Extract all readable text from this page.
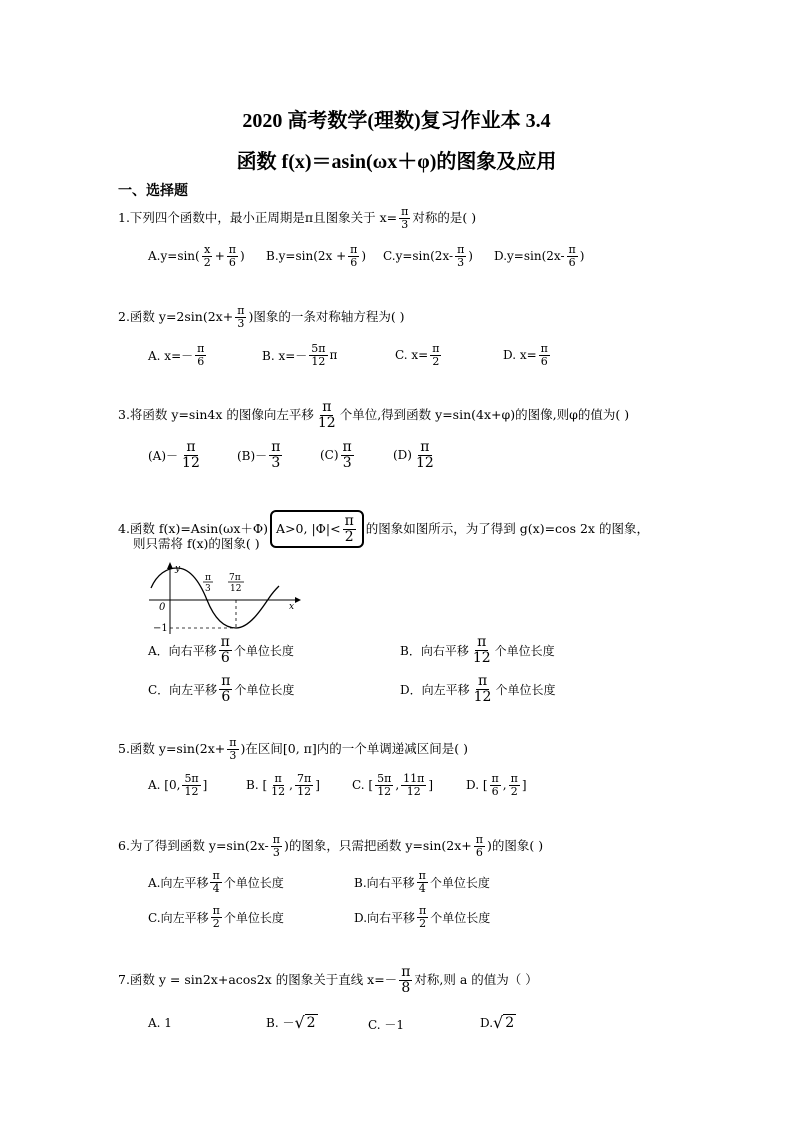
2020 高考数学(理数)复习作业本 3.4
函数 f(x)＝asin(ωx＋φ)的图象及应用
一、选择题
1.下列四个函数中，最小正周期是π且图象关于 $x= \frac{\pi}{3}$ 对称的是( )
$A.y=\sin( \frac{x}{2} + \frac{\pi}{6}$ ) $B.y=\sin(2x + \frac{\pi}{6}$ ) $C.y=\sin(2x- \frac{\pi}{3}$ ) $D.y=\sin(2x- \frac{\pi}{6}$ )
2.函数 $y=2\sin(2x+ \frac{\pi}{3}$ )图象的一条对称轴方程为( )
A. $x=- \frac{\pi}{6}$	B. $x=- \frac{5\pi}{12}$ π	C. $x= \frac{\pi}{2}$	D. $x= \frac{\pi}{6}$
3.将函数 y=sin4x 的图像向左平移 $\frac{\pi}{12}$ 个单位,得到函数 y=sin(4x+φ)的图像,则φ的值为( )
$(A)- \frac{\pi}{12}$	$(B)- \frac{\pi}{3}$	$(C) \frac{\pi}{3}$	$(D) \frac{\pi}{12}$
4.函数 f(x)=Asin(ωx＋Φ) A>0, $|\Phi|< \frac{\pi}{2}$ 的图象如图所示，为了得到 g(x)=cos 2x 的图象，
则只需将 f(x)的图象( )
y
x
0
−1
π
3
7π
12
A．向右平移 $\frac{\pi}{6}$ 个单位长度	B．向右平移 $\frac{\pi}{12}$ 个单位长度
C．向左平移 $\frac{\pi}{6}$ 个单位长度	D．向左平移 $\frac{\pi}{12}$ 个单位长度
5.函数 $y=\sin(2x+ \frac{\pi}{3}$ )在区间[0, π]内的一个单调递减区间是( )
A. [0, $\frac{5\pi}{12}$ ]	B. [ $\frac{\pi}{12}$ , $\frac{7\pi}{12}$ ]	C. [ $\frac{5\pi}{12}$ , $\frac{11\pi}{12}$ ]	D. [ $\frac{\pi}{6}$ , $\frac{\pi}{2}$ ]
6.为了得到函数 $y=\sin(2x- \frac{\pi}{3}$ )的图象，只需把函数 $y=\sin(2x+ \frac{\pi}{6}$ )的图象( )
A.向左平移 $\frac{\pi}{4}$ 个单位长度	B.向右平移 $\frac{\pi}{4}$ 个单位长度
C.向左平移 $\frac{\pi}{2}$ 个单位长度	D.向右平移 $\frac{\pi}{2}$ 个单位长度
7.函数 y = sin2x+acos2x 的图象关于直线 $x=- \frac{\pi}{8}$ 对称,则 a 的值为（ ）
A. 1	B. － √ 2	C. －1	D. √ 2
